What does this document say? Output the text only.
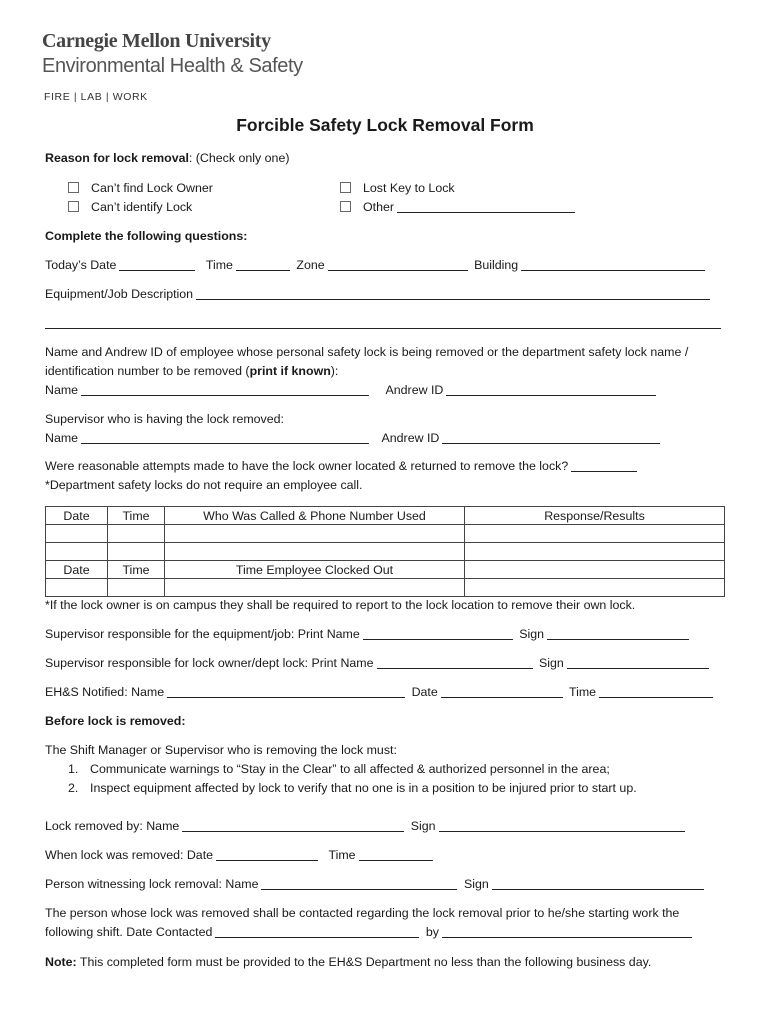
Carnegie Mellon University
Environmental Health & Safety
FIRE | LAB | WORK
Forcible Safety Lock Removal Form
Reason for lock removal: (Check only one)
Can’t find Lock Owner
Can’t identify Lock
Lost Key to Lock
Other
Complete the following questions:
Today’s Date	Time	Zone	Building
Equipment/Job Description
Name and Andrew ID of employee whose personal safety lock is being removed or the department safety lock name /
identification number to be removed (print if known):
Name	Andrew ID
Supervisor who is having the lock removed:
Name	Andrew ID
Were reasonable attempts made to have the lock owner located & returned to remove the lock?
*Department safety locks do not require an employee call.
Date	Time	Who Was Called & Phone Number Used	Response/Results

Date	Time	Time Employee Clocked Out	

*If the lock owner is on campus they shall be required to report to the lock location to remove their own lock.
Supervisor responsible for the equipment/job: Print Name	Sign
Supervisor responsible for lock owner/dept lock: Print Name	Sign
EH&S Notified: Name	Date	Time
Before lock is removed:
The Shift Manager or Supervisor who is removing the lock must:
1. Communicate warnings to “Stay in the Clear” to all affected & authorized personnel in the area;
2. Inspect equipment affected by lock to verify that no one is in a position to be injured prior to start up.
Lock removed by: Name	Sign
When lock was removed: Date	Time
Person witnessing lock removal: Name	Sign
The person whose lock was removed shall be contacted regarding the lock removal prior to he/she starting work the
following shift. Date Contacted	by
Note: This completed form must be provided to the EH&S Department no less than the following business day.
